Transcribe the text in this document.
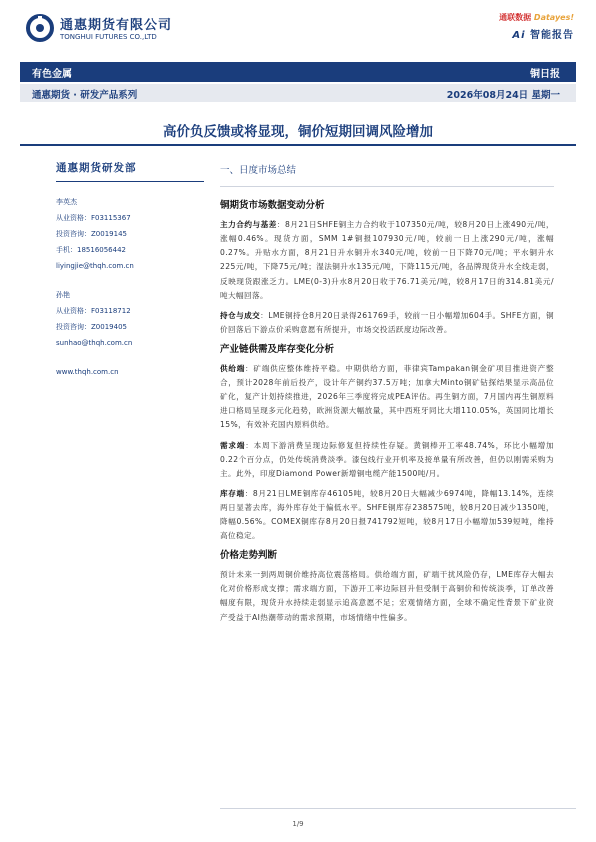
通惠期货有限公司
TONGHUI FUTURES CO.,LTD
通联数据 Datayes!
Ai 智能报告
有色金属	铜日报
通惠期货 · 研发产品系列	2026年08月24日 星期一
高价负反馈或将显现，铜价短期回调风险增加
通惠期货研发部
李英杰
从业资格：F03115367
投资咨询：Z0019145
手机：18516056442
liyingjie@thqh.com.cn
孙艳
从业资格：F03118712
投资咨询：Z0019405
sunhao@thqh.com.cn
www.thqh.com.cn
一、日度市场总结
铜期货市场数据变动分析

主力合约与基差：8月21日SHFE铜主力合约收于107350元/吨，较8月20日上涨490元/吨，涨幅0.46%。现货方面，SMM 1#铜报107930元/吨，较前一日上涨290元/吨，涨幅0.27%。升贴水方面，8月21日升水铜升水340元/吨，较前一日下降70元/吨；平水铜升水225元/吨，下降75元/吨；湿法铜升水135元/吨，下降115元/吨，各品牌现货升水全线走弱，反映现货跟涨乏力。LME(0-3)升水8月20日收于76.71美元/吨，较8月17日的314.81美元/吨大幅回落。

持仓与成交：LME铜持仓8月20日录得261769手，较前一日小幅增加604手。SHFE方面，铜价回落后下游点价采购意愿有所提升，市场交投活跃度边际改善。

产业链供需及库存变化分析

供给端：矿端供应整体维持平稳。中期供给方面，菲律宾Tampakan铜金矿项目推进资产整合，预计2028年前后投产，设计年产铜约37.5万吨；加拿大Minto铜矿钻探结果显示高品位矿化，复产计划持续推进，2026年三季度将完成PEA评估。再生铜方面，7月国内再生铜原料进口格局呈现多元化趋势，欧洲货源大幅放量，其中西班牙同比大增110.05%，英国同比增长15%，有效补充国内原料供给。

需求端：本周下游消费呈现边际修复但持续性存疑。黄铜棒开工率48.74%，环比小幅增加0.22个百分点，仍处传统消费淡季。漆包线行业开机率及接单量有所改善，但仍以刚需采购为主。此外，印度Diamond Power新增铜电缆产能1500吨/月。

库存端：8月21日LME铜库存46105吨，较8月20日大幅减少6974吨，降幅13.14%，连续两日显著去库，海外库存处于偏低水平。SHFE铜库存238575吨，较8月20日减少1350吨，降幅0.56%。COMEX铜库存8月20日报741792短吨，较8月17日小幅增加539短吨，维持高位稳定。

价格走势判断

预计未来一到两周铜价维持高位震荡格局。供给端方面，矿端干扰风险仍存，LME库存大幅去化对价格形成支撑；需求端方面，下游开工率边际回升但受制于高铜价和传统淡季，订单改善幅度有限，现货升水持续走弱显示追高意愿不足；宏观情绪方面，全球不确定性背景下矿业资产受益于AI热潮带动的需求预期，市场情绪中性偏多。

1/9
